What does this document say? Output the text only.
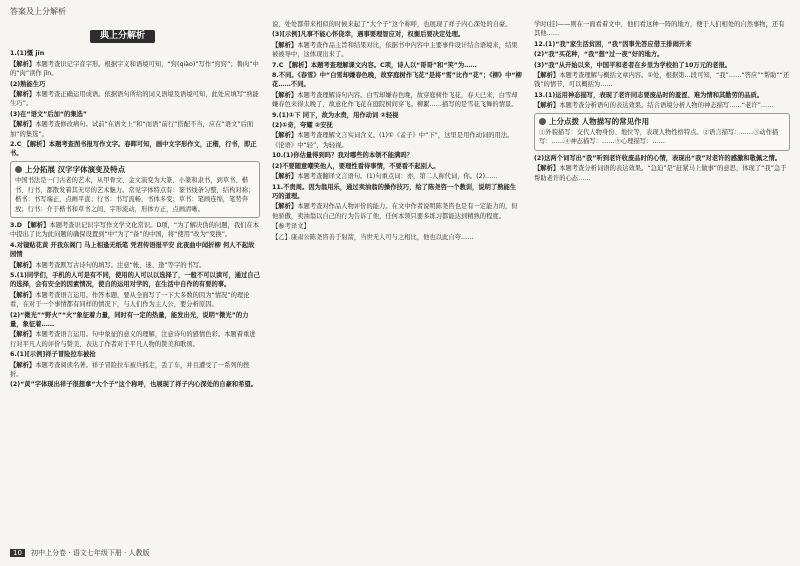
答案及上分解析
典上分解析

1.(1)慨 jīn

【解析】本题考查识记字音字形。根据字义和语境可知，“窍(qiào)”写作“窍窍”；鲁肉“中的“肉”读作 jīn。

(2)熟能生巧

【解析】本题考查正确运用成语。依据语句所给的词义语境及语境可知，此处应填写“熟能生巧”。

(3)在“语文”后加“的集选”

【解析】本题考查修改病句。试前“在语文上”和“而语”前行“搭配不当，应在“语文”后面加“的集选”。

2.C 【解析】本题考查图书报写作文字。春晖可知，画中文字形作文，正楷，行书，即正书。

上分拓展 汉字字体演变及特点
中国书法是一门古老的艺术，从甲骨文、金文演变为大篆、小篆和隶书，到草书、楷书、行书，都散发着其无尽的艺术魅力。常见字体特点有：篆书线条匀整，结构对称；楷书：书写端正，点画平直；行书：书写流畅，书体多变；草书：笔画连绵，笔势奔放；行书：介于楷书和草书之间，字形流动，形体方正，点画清晰。

3.D 【解析】本题考查识记识字写作文学文化常识。D项，“为了解决伪的问题，我们在本中提出了比为此问题的确保设置到“中”为了“备”的中国，将“使用”改为“变换”。

4.对镜贴花黄 开我东阁门 马上相逢无纸笔 凭君传语报平安 此夜曲中闻折柳 何人不起故园情

【解析】本题考查默写古诗句的填写。注意“帐、迷、逢”等字的书写。

5.(1)同学们，手机的人可是有不同，使用的人可以以选择了，一般不可以读可，通过自己的选择，会有安全的因素情况，使自的运用对学的，在生活中自作的有要的事。

【解析】本题考查语言运用。作答本题，要从全面写了一下大多数的因为“情况”的理论看，在对于一个事情都有同样的情况下，与人们作为主人公，要分析原因。

(2)“微光”“野火”“火”象征着力量，同时有一定的热量，能发出光，说明“微光”的力量，象征着……

【解析】本题考查语言运用。句中象征的意义的理解，注意诗句的感情色彩。本题着重进行对平凡人的评价与赞美，表达了作者对于平凡人物的赞美和歌颂。

6.(1)[示例]祥子冒险拉车被抢

【解析】本题考查阅读名著。祥子冒险拉车被兵抓走，丢了车，并且遭受了一系列的挫折。

(2)“黄”字体现出祥子很想拿“大个子”这个称呼，也展现了祥子内心深处的自豪和希望。

说，处处都带来相似的时候来起了“大个子”这个称呼，也展现了祥子内心深处的自豪。

(3)[示例]凡事不能心怀侥幸，遇事要理智应对，权衡后要决定处理。

【解析】本题考查作品主旨和结果对比，依据书中内容中主要事件设计结合语境来，结果被被导中，这体现出来了。

7.C 【解析】本题考查理解课文内容。C项，诗人以“哥哥”和“笑”为……

8.不同。《春雪》中“白雪却嫌春色晚，故穿庭树作飞花”是将“雪”比作“花”；《柳》中“柳花……不同。

【解析】本题考查理解诗句内容。白雪却嫌春色晚，故穿庭树作飞花，春天已来，白雪却嫌春色来得太晚了，故意化作飞花在庭院树间穿飞。柳絮……描写的是雪花飞舞的情景。

9.(1)①下 同下，故为水贵，用作动词 ②轻视

(2)①奇，夸耀 ②安抚

【解析】本题考查理解文言实词含义。(1)①《孟子》中“下”，这里是用作动词的用法。《论语》中“轻”，为轻视。

10.(1)你估量得到吗？我对哪些的本领不能满吗？

(2)不要随意嘲笑他人，要理性看待事情，不要看不起别人。

【解析】本题考查翻译文言语句。(1)句重点词：亦，第二人称代词，你。(2)……

11.不贵周。因为翁用乐，通过卖油翁的操作技巧，给了陈尧咨一个教训，说明了熟能生巧的道理。

【解析】本题考查对作品人物评价的能力。在文中作者说明陈尧咨也是有一定能力的，但他骄傲，卖油翁以自己的行为告诉了他，任何本领只要多练习都能达到精熟的程度。

【参考译文】

【乙】康肃公陈尧咨善于射箭，当世无人可与之相比，他也以此自夸……

学时(挂)——则在一面看着文中，他们看这种一阵的地方，便于人们相处的自然事物，还有其他……

12.(1)“我”家生活贫困，“我”因事先答应借王排闹开来

(2)“我”买花种，“我”想“过一夜”好的地方。

(3)“我”从开始以来，中国平和老者在乡里为学校拍了10万元的老报。

【解析】本题考查理解与概括文章内容。①处，根据第…段可知，“我”……“答应”“帮助”“还钱”的情节，可以概括为……

13.(1)运用神态描写，表现了老许同志要废品时的羞涩、难为情和其勤劳的品质。

【解析】本题考查分析语句的表达效果。结合语境分析人物的神态描写……“老许”……

上分点拨 人物描写的常见作用
①外貌描写：交代人物身份、地位等，表现人物性格特点。②语言描写：……③动作描写：……④神态描写：……⑤心理描写：……

(2)这两个词写出“我”听到老许收废品时的心情，表现出“我”对老许的感激和敬佩之情。

【解析】本题考查分析词语的表达效果。“急迫”是“赶紧马上做事”的意思，体现了“我”急于帮助老许的心态……

10 初中上分卷 · 语文七年级下册 · 人教版
